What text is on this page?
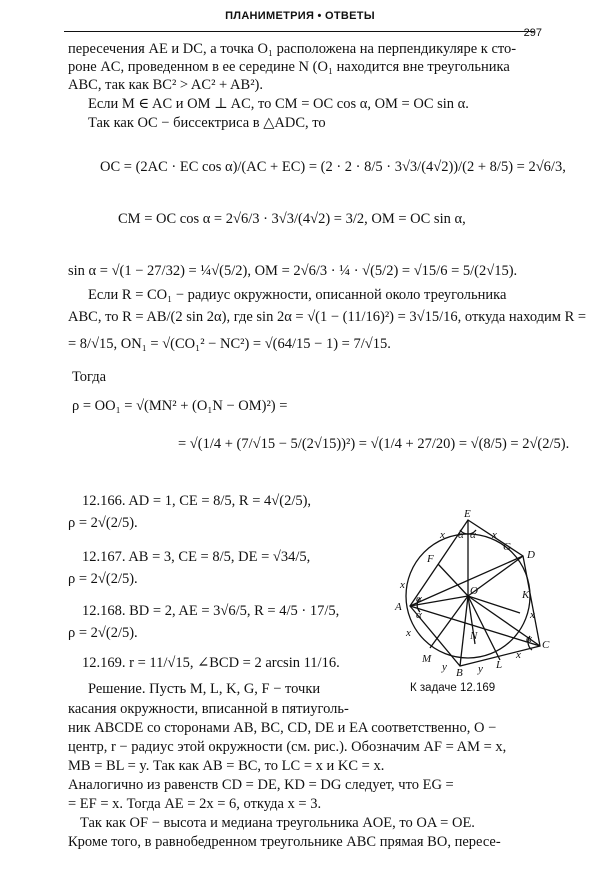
ПЛАНИМЕТРИЯ • ОТВЕТЫ
297
пересечения AE и DC, а точка O₁ расположена на перпендикуляре к сто-
роне AC, проведенном в ее середине N (O₁ находится вне треугольника
ABC, так как BC² > AC² + AB²).
Если M ∈ AC и OM ⊥ AC, то CM = OC cos α, OM = OC sin α.
Так как OC − биссектриса в △ADC, то
OC = (2AC · EC cos α)/(AC + EC) = (2 · 2 · 8/5 · 3√3/(4√2))/(2 + 8/5) = 2√6/3,
CM = OC cos α = 2√6/3 · 3√3/(4√2) = 3/2, OM = OC sin α,
sin α = √(1 − 27/32) = ¼√(5/2), OM = 2√6/3 · ¼ · √(5/2) = √15/6 = 5/(2√15).
Если R = CO₁ − радиус окружности, описанной около треугольника
ABC, то R = AB/(2 sin 2α), где sin 2α = √(1 − (11/16)²) = 3√15/16, откуда находим R =
= 8/√15, ON₁ = √(CO₁² − NC²) = √(64/15 − 1) = 7/√15.
Тогда
ρ = OO₁ = √(MN² + (O₁N − OM)²) =
= √(1/4 + (7/√15 − 5/(2√15))²) = √(1/4 + 27/20) = √(8/5) = 2√(2/5).
12.166. AD = 1, CE = 8/5, R = 4√(2/5),
ρ = 2√(2/5).
12.167. AB = 3, CE = 8/5, DE = √34/5,
ρ = 2√(2/5).
12.168. BD = 2, AE = 3√6/5, R = 4/5 · 17/5,
ρ = 2√(2/5).
12.169. r = 11/√15, ∠BCD = 2 arcsin 11/16.
Решение. Пусть M, L, K, G, F − точки
касания окружности, вписанной в пятиуголь-
ник ABCDE со сторонами AB, BC, CD, DE и EA соответственно, O −
центр, r − радиус этой окружности (см. рис.). Обозначим AF = AM = x,
MB = BL = y. Так как AB = BC, то LC = x и KC = x.
Аналогично из равенств CD = DE, KD = DG следует, что EG =
= EF = x. Тогда AE = 2x = 6, откуда x = 3.
Так как OF − высота и медиана треугольника AOE, то OA = OE.
Кроме того, в равнобедренном треугольнике ABC прямая BO, пересе-
E
F
G
D
K
A
O
N
M	L
C
B
x	x
x
x
x
x
y	y
α α
α
α
α
К задаче 12.169
